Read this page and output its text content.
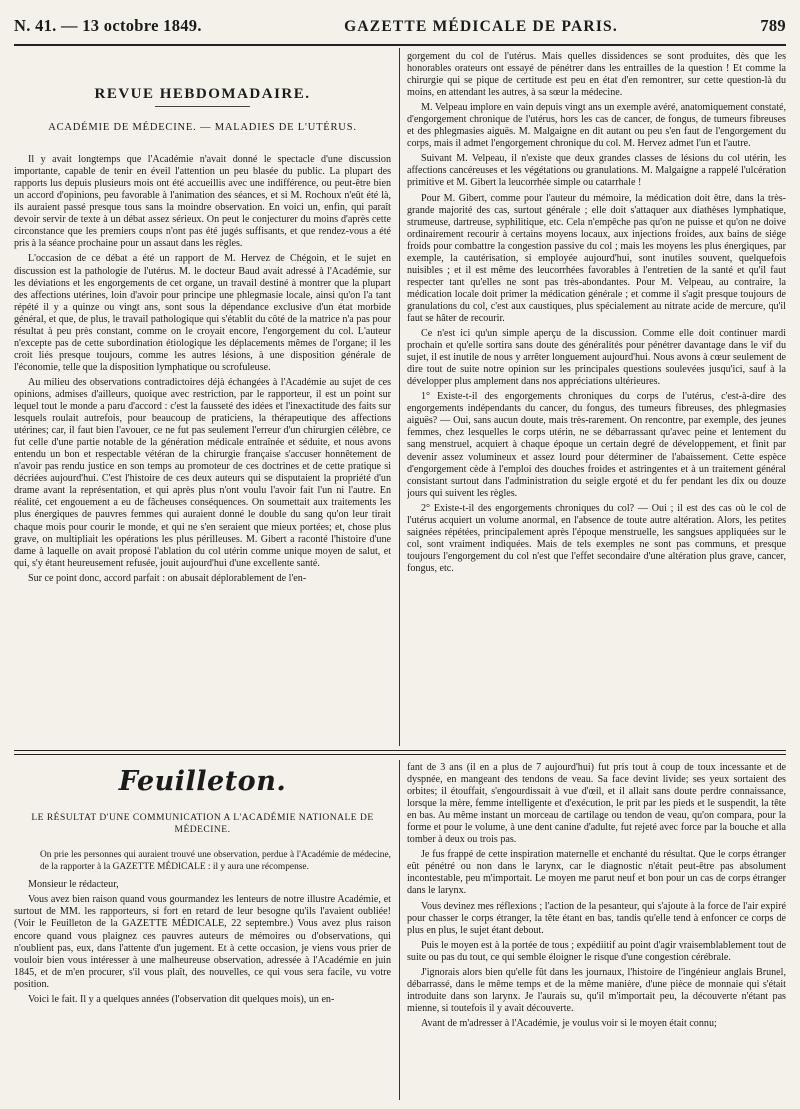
N. 41. — 13 octobre 1849.	GAZETTE MÉDICALE DE PARIS.	789

REVUE HEBDOMADAIRE.

ACADÉMIE DE MÉDECINE. — MALADIES DE L'UTÉRUS.

Il y avait longtemps que l'Académie n'avait donné le spectacle d'une discussion importante, capable de tenir en éveil l'attention un peu blasée du public. La plupart des rapports lus depuis plusieurs mois ont été accueillis avec une indifférence, ou peut-être bien un accord d'opinions, peu favorable à l'animation des séances, et si M. Rochoux n'eût été là, ils auraient passé presque tous sans la moindre observation. En voici un, enfin, qui paraît devoir servir de texte à un débat assez sérieux. On peut le conjecturer du moins d'après cette circonstance que les premiers coups n'ont pas été jugés suffisants, et que rendez-vous a été pris à la séance prochaine pour un assaut dans les règles.

L'occasion de ce débat a été un rapport de M. Hervez de Chégoin, et le sujet en discussion est la pathologie de l'utérus. M. le docteur Baud avait adressé à l'Académie, sur les déviations et les engorgements de cet organe, un travail destiné à montrer que la plupart des affections utérines, loin d'avoir pour principe une phlegmasie locale, ainsi qu'on l'a tant répété il y a quinze ou vingt ans, sont sous la dépendance exclusive d'un état morbide général, et que, de plus, le travail pathologique qui s'établit du côté de la matrice n'a pas pour résultat à peu près constant, comme on le croyait encore, l'engorgement du col. L'auteur n'excepte pas de cette subordination étiologique les déplacements mêmes de l'organe; il les croit liés presque toujours, comme les autres lésions, à une disposition générale de l'économie, telle que la disposition lymphatique ou scrofuleuse.

Au milieu des observations contradictoires déjà échangées à l'Académie au sujet de ces opinions, admises d'ailleurs, quoique avec restriction, par le rapporteur, il est un point sur lequel tout le monde a paru d'accord : c'est la fausseté des idées et l'inexactitude des faits sur lesquels roulait autrefois, pour beaucoup de praticiens, la thérapeutique des affections utérines; car, il faut bien l'avouer, ce ne fut pas seulement l'erreur d'un chirurgien célèbre, ce fut celle d'une partie notable de la génération médicale entraînée et séduite, et nous avons entendu un bon et respectable vétéran de la chirurgie française s'accuser honnêtement de n'avoir pas rendu justice en son temps au promoteur de ces doctrines et de cette pratique si décriées aujourd'hui. C'est l'histoire de ces deux auteurs qui se disputaient la propriété d'un drame avant la représentation, et qui après plus n'ont voulu l'avoir fait l'un ni l'autre. En réalité, cet engouement a eu de fâcheuses conséquences. On soumettait aux traitements les plus énergiques de pauvres femmes qui auraient donné le double du sang qu'on leur tirait chaque mois pour courir le monde, et qui ne s'en seraient que mieux portées; et, chose plus grave, on multipliait les opérations les plus périlleuses. M. Gibert a raconté l'histoire d'une dame à laquelle on avait proposé l'ablation du col utérin comme unique moyen de salut, et qui, s'y étant heureusement refusée, jouit aujourd'hui d'une excellente santé.

Sur ce point donc, accord parfait : on abusait déplorablement de l'en-

gorgement du col de l'utérus. Mais quelles dissidences se sont produites, dès que les honorables orateurs ont essayé de pénétrer dans les entrailles de la question ! Et comme la chirurgie qui se pique de certitude est peu en état d'en remontrer, sur cette question-là du moins, en attendant les autres, à sa sœur la médecine.

M. Velpeau implore en vain depuis vingt ans un exemple avéré, anatomiquement constaté, d'engorgement chronique de l'utérus, hors les cas de cancer, de fongus, de tumeurs fibreuses et des phlegmasies aiguës. M. Malgaigne en dit autant ou peu s'en faut de l'engorgement du corps, mais il admet l'engorgement chronique du col. M. Hervez admet l'un et l'autre.

Suivant M. Velpeau, il n'existe que deux grandes classes de lésions du col utérin, les affections cancéreuses et les végétations ou granulations. M. Malgaigne a rappelé l'ulcération primitive et M. Gibert la leucorrhée simple ou catarrhale !

Pour M. Gibert, comme pour l'auteur du mémoire, la médication doit être, dans la très-grande majorité des cas, surtout générale ; elle doit s'attaquer aux diathèses lymphatique, strumeuse, dartreuse, syphilitique, etc. Cela n'empêche pas qu'on ne puisse et qu'on ne doive ordinairement recourir à certains moyens locaux, aux injections froides, aux bains de siége froids pour combattre la congestion passive du col ; mais les moyens les plus énergiques, par exemple, la cautérisation, si employée aujourd'hui, sont inutiles souvent, quelquefois nuisibles ; et il est même des leucorrhées favorables à l'entretien de la santé et qu'il faut respecter tant qu'elles ne sont pas très-abondantes. Pour M. Velpeau, au contraire, la médication locale doit primer la médication générale ; et comme il s'agit presque toujours de granulations du col, c'est aux caustiques, plus spécialement au nitrate acide de mercure, qu'il faut se hâter de recourir.

Ce n'est ici qu'un simple aperçu de la discussion. Comme elle doit continuer mardi prochain et qu'elle sortira sans doute des généralités pour pénétrer davantage dans le vif du sujet, il est inutile de nous y arrêter longuement aujourd'hui. Nous avons à cœur seulement de dire tout de suite notre opinion sur les principales questions soulevées jusqu'ici, sauf à la développer plus amplement dans nos appréciations ultérieures.

1° Existe-t-il des engorgements chroniques du corps de l'utérus, c'est-à-dire des engorgements indépendants du cancer, du fongus, des tumeurs fibreuses, des phlegmasies aiguës? — Oui, sans aucun doute, mais très-rarement. On rencontre, par exemple, des jeunes femmes, chez lesquelles le corps utérin, ne se débarrassant qu'avec peine et lentement du sang menstruel, acquiert à chaque époque un certain degré de développement, et finit par devenir assez volumineux et assez lourd pour déterminer de l'abaissement. Cette espèce d'engorgement cède à l'emploi des douches froides et astringentes et à un traitement général consistant surtout dans l'administration du seigle ergoté et du fer pendant les dix ou douze jours qui suivent les règles.

2° Existe-t-il des engorgements chroniques du col? — Oui ; il est des cas où le col de l'utérus acquiert un volume anormal, en l'absence de toute autre altération. Alors, les petites saignées répétées, principalement après l'époque menstruelle, les sangsues appliquées sur le col, sont vraiment indiquées. Mais de tels exemples ne sont pas communs, et presque toujours l'engorgement du col n'est que l'effet secondaire d'une altération plus grave, cancer, fongus, etc.

Feuilleton.

LE RÉSULTAT D'UNE COMMUNICATION A L'ACADÉMIE NATIONALE DE MÉDECINE.

On prie les personnes qui auraient trouvé une observation, perdue à l'Académie de médecine, de la rapporter à la GAZETTE MÉDICALE : il y aura une récompense.

Monsieur le rédacteur,

Vous avez bien raison quand vous gourmandez les lenteurs de notre illustre Académie, et surtout de MM. les rapporteurs, si fort en retard de leur besogne qu'ils l'avaient oubliée! (Voir le Feuilleton de la GAZETTE MÉDICALE, 22 septembre.) Vous avez plus raison encore quand vous plaignez ces pauvres auteurs de mémoires ou d'observations, qui n'oublient pas, eux, dans l'attente d'un jugement. Et à cette occasion, je viens vous prier de vouloir bien vous intéresser à une malheureuse observation, adressée à l'Académie en juin 1845, et de m'en procurer, s'il vous plaît, des nouvelles, ce qui vous sera facile, vu votre position.

Voici le fait. Il y a quelques années (l'observation dit quelques mois), un en-

fant de 3 ans (il en a plus de 7 aujourd'hui) fut pris tout à coup de toux incessante et de dyspnée, en mangeant des tendons de veau. Sa face devint livide; ses yeux sortaient des orbites; il étouffait, s'engourdissait à vue d'œil, et il allait sans doute perdre connaissance, lorsque la mère, femme intelligente et d'exécution, le prit par les pieds et le suspendit, la tête en bas. Au même instant un morceau de cartilage ou tendon de veau, qu'on compara, pour la forme et pour le volume, à une dent canine d'adulte, fut rejeté avec force par la bouche et alla tomber à deux ou trois pas.

Je fus frappé de cette inspiration maternelle et enchanté du résultat. Que le corps étranger eût pénétré ou non dans le larynx, car le diagnostic n'était peut-être pas absolument incontestable, peu m'importait. Le moyen me parut neuf et bon pour un cas de corps étranger dans le larynx.

Vous devinez mes réflexions ; l'action de la pesanteur, qui s'ajoute à la force de l'air expiré pour chasser le corps étranger, la tête étant en bas, tandis qu'elle tend à enfoncer ce corps de plus en plus, le sujet étant debout.

Puis le moyen est à la portée de tous ; expédiitif au point d'agir vraisemblablement tout de suite ou pas du tout, ce qui semble éloigner le risque d'une congestion cérébrale.

J'ignorais alors bien qu'elle fût dans les journaux, l'histoire de l'ingénieur anglais Brunel, débarrassé, dans le même temps et de la même manière, d'une pièce de monnaie qui s'était introduite dans son larynx. Je l'aurais su, qu'il m'importait peu, la découverte n'étant pas mienne, si toutefois il y avait découverte.

Avant de m'adresser à l'Académie, je voulus voir si le moyen était connu;
